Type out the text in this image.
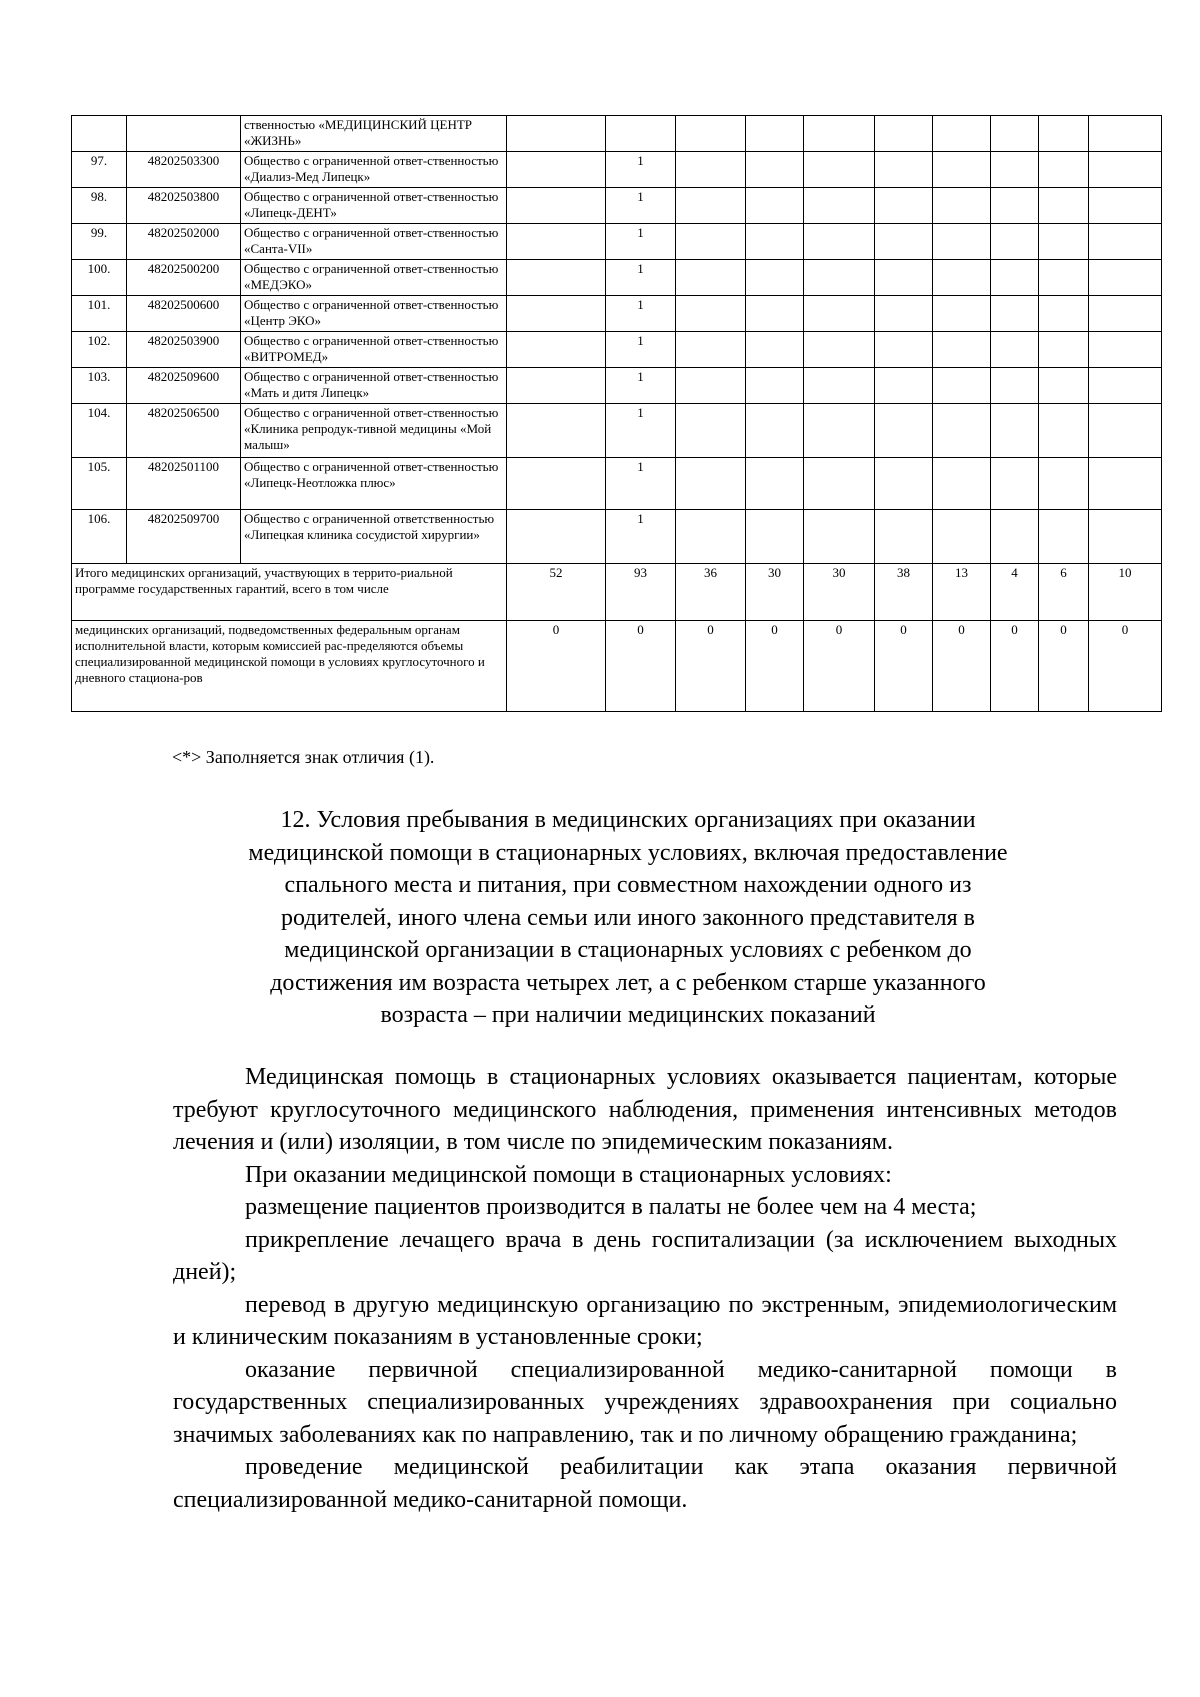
		ственностью «МЕДИЦИНСКИЙ ЦЕНТР «ЖИЗНЬ»										
97.	48202503300	Общество с ограниченной ответ-ственностью «Диализ-Мед Липецк»		1								
98.	48202503800	Общество с ограниченной ответ-ственностью «Липецк-ДЕНТ»		1								
99.	48202502000	Общество с ограниченной ответ-ственностью «Санта-VII»		1								
100.	48202500200	Общество с ограниченной ответ-ственностью «МЕДЭКО»		1								
101.	48202500600	Общество с ограниченной ответ-ственностью «Центр ЭКО»		1								
102.	48202503900	Общество с ограниченной ответ-ственностью «ВИТРОМЕД»		1								
103.	48202509600	Общество с ограниченной ответ-ственностью «Мать и дитя Липецк»		1								
104.	48202506500	Общество с ограниченной ответ-ственностью «Клиника репродук-тивной медицины «Мой малыш»		1								
105.	48202501100	Общество с ограниченной ответ-ственностью «Липецк-Неотложка плюс»		1								
106.	48202509700	Общество с ограниченной ответственностью «Липецкая клиника сосудистой хирургии»		1								
Итого медицинских организаций, участвующих в террито-риальной программе государственных гарантий, всего в том числе			52	93	36	30	30	38	13	4	6	10
медицинских организаций, подведомственных федеральным органам исполнительной власти, которым комиссией рас-пределяются объемы специализированной медицинской помощи в условиях круглосуточного и дневного стациона-ров			0	0	0	0	0	0	0	0	0	0
<*> Заполняется знак отличия (1).
12. Условия пребывания в медицинских организациях при оказании
медицинской помощи в стационарных условиях, включая предоставление
спального места и питания, при совместном нахождении одного из
родителей, иного члена семьи или иного законного представителя в
медицинской организации в стационарных условиях с ребенком до
достижения им возраста четырех лет, а с ребенком старше указанного
возраста – при наличии медицинских показаний

Медицинская помощь в стационарных условиях оказывается пациентам, которые требуют круглосуточного медицинского наблюдения, применения интенсивных методов лечения и (или) изоляции, в том числе по эпидемическим показаниям.

При оказании медицинской помощи в стационарных условиях:

размещение пациентов производится в палаты не более чем на 4 места;

прикрепление лечащего врача в день госпитализации (за исключением выходных дней);

перевод в другую медицинскую организацию по экстренным, эпидемиологическим и клиническим показаниям в установленные сроки;

оказание первичной специализированной медико-санитарной помощи в государственных специализированных учреждениях здравоохранения при социально значимых заболеваниях как по направлению, так и по личному обращению гражданина;

проведение медицинской реабилитации как этапа оказания первичной специализированной медико-санитарной помощи.
